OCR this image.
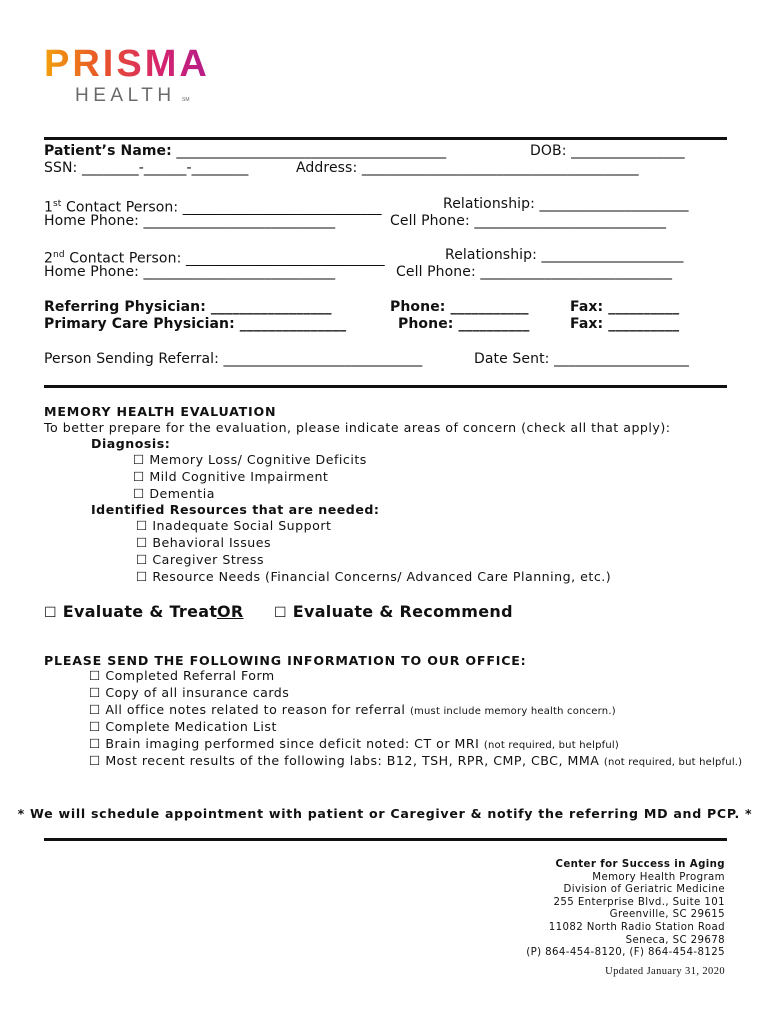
PRISMA
HEALTH SM
Patient’s Name: ______________________________________	DOB: ________________
SSN: ________-______-________	Address: _______________________________________
1st Contact Person: ____________________________	Relationship: _____________________
Home Phone: ___________________________	Cell Phone: ___________________________
2nd Contact Person: ____________________________	Relationship: ____________________
Home Phone: ___________________________	Cell Phone: ___________________________
Referring Physician: _________________	Phone: ___________	Fax: __________
Primary Care Physician: _______________	Phone: __________	Fax: __________
Person Sending Referral: ____________________________	Date Sent: ___________________
MEMORY HEALTH EVALUATION
To better prepare for the evaluation, please indicate areas of concern (check all that apply):
Diagnosis:
☐ Memory Loss/ Cognitive Deficits
☐ Mild Cognitive Impairment
☐ Dementia
Identified Resources that are needed:
☐ Inadequate Social Support
☐ Behavioral Issues
☐ Caregiver Stress
☐ Resource Needs (Financial Concerns/ Advanced Care Planning, etc.)
☐ Evaluate & Treat OR ☐ Evaluate & Recommend
PLEASE SEND THE FOLLOWING INFORMATION TO OUR OFFICE:
☐ Completed Referral Form
☐ Copy of all insurance cards
☐ All office notes related to reason for referral (must include memory health concern.)
☐ Complete Medication List
☐ Brain imaging performed since deficit noted: CT or MRI (not required, but helpful)
☐ Most recent results of the following labs: B12, TSH, RPR, CMP, CBC, MMA (not required, but helpful.)
* We will schedule appointment with patient or Caregiver & notify the referring MD and PCP. *
Center for Success in Aging
Memory Health Program
Division of Geriatric Medicine
255 Enterprise Blvd., Suite 101
Greenville, SC 29615
11082 North Radio Station Road
Seneca, SC 29678
(P) 864-454-8120, (F) 864-454-8125
Updated January 31, 2020
